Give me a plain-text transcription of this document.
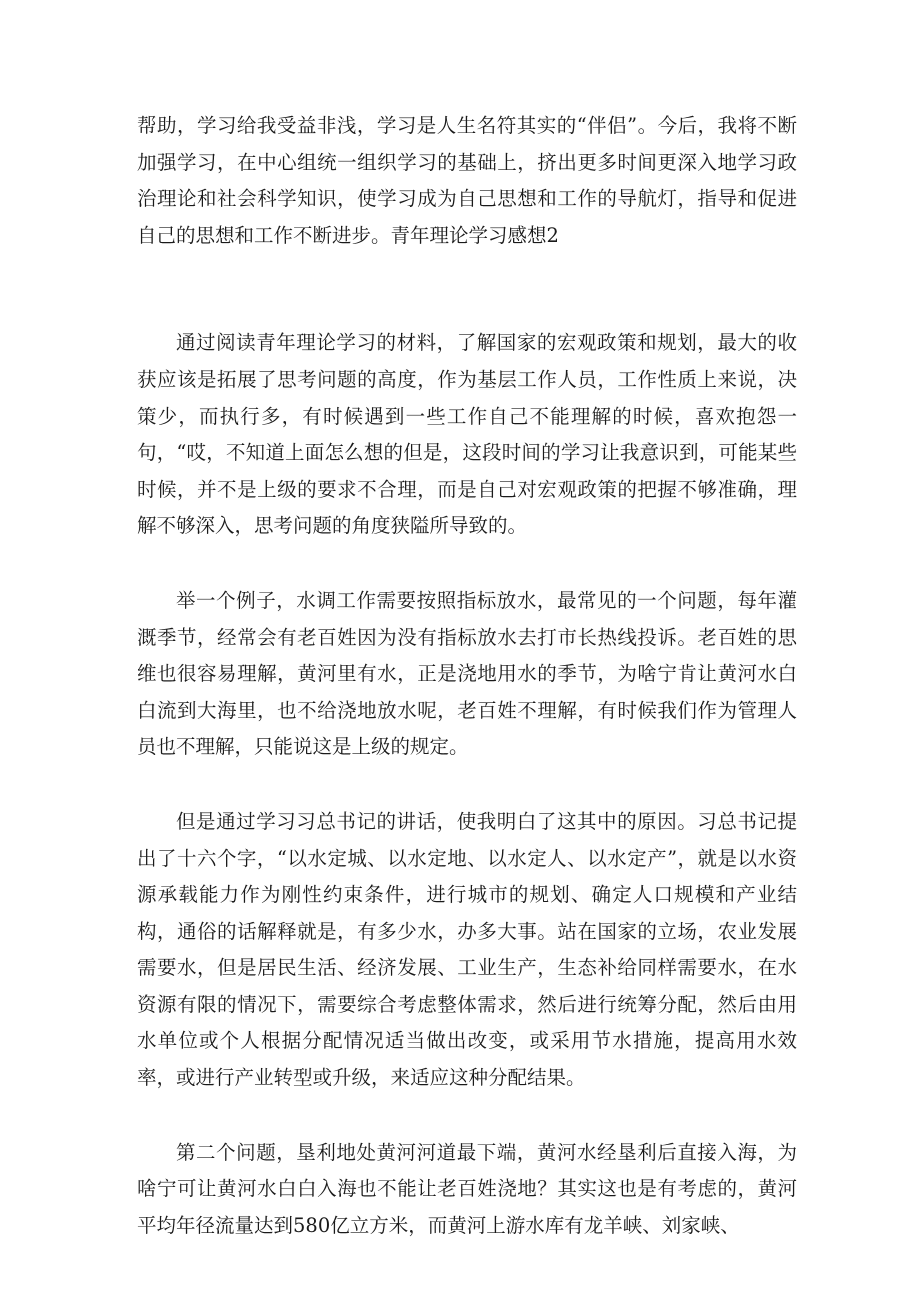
帮助，学习给我受益非浅，学习是人生名符其实的“伴侣”。今后，我将不断加强学习，在中心组统一组织学习的基础上，挤出更多时间更深入地学习政治理论和社会科学知识，使学习成为自己思想和工作的导航灯，指导和促进自己的思想和工作不断进步。青年理论学习感想2

通过阅读青年理论学习的材料，了解国家的宏观政策和规划，最大的收获应该是拓展了思考问题的高度，作为基层工作人员，工作性质上来说，决策少，而执行多，有时候遇到一些工作自己不能理解的时候，喜欢抱怨一句，“哎，不知道上面怎么想的但是，这段时间的学习让我意识到，可能某些时候，并不是上级的要求不合理，而是自己对宏观政策的把握不够准确，理解不够深入，思考问题的角度狭隘所导致的。

举一个例子，水调工作需要按照指标放水，最常见的一个问题，每年灌溉季节，经常会有老百姓因为没有指标放水去打市长热线投诉。老百姓的思维也很容易理解，黄河里有水，正是浇地用水的季节，为啥宁肯让黄河水白白流到大海里，也不给浇地放水呢，老百姓不理解，有时候我们作为管理人员也不理解，只能说这是上级的规定。

但是通过学习习总书记的讲话，使我明白了这其中的原因。习总书记提出了十六个字，“以水定城、以水定地、以水定人、以水定产”，就是以水资源承载能力作为刚性约束条件，进行城市的规划、确定人口规模和产业结构，通俗的话解释就是，有多少水，办多大事。站在国家的立场，农业发展需要水，但是居民生活、经济发展、工业生产，生态补给同样需要水，在水资源有限的情况下，需要综合考虑整体需求，然后进行统筹分配，然后由用水单位或个人根据分配情况适当做出改变，或采用节水措施，提高用水效率，或进行产业转型或升级，来适应这种分配结果。

第二个问题，垦利地处黄河河道最下端，黄河水经垦利后直接入海，为啥宁可让黄河水白白入海也不能让老百姓浇地？其实这也是有考虑的，黄河平均年径流量达到580亿立方米，而黄河上游水库有龙羊峡、刘家峡、
